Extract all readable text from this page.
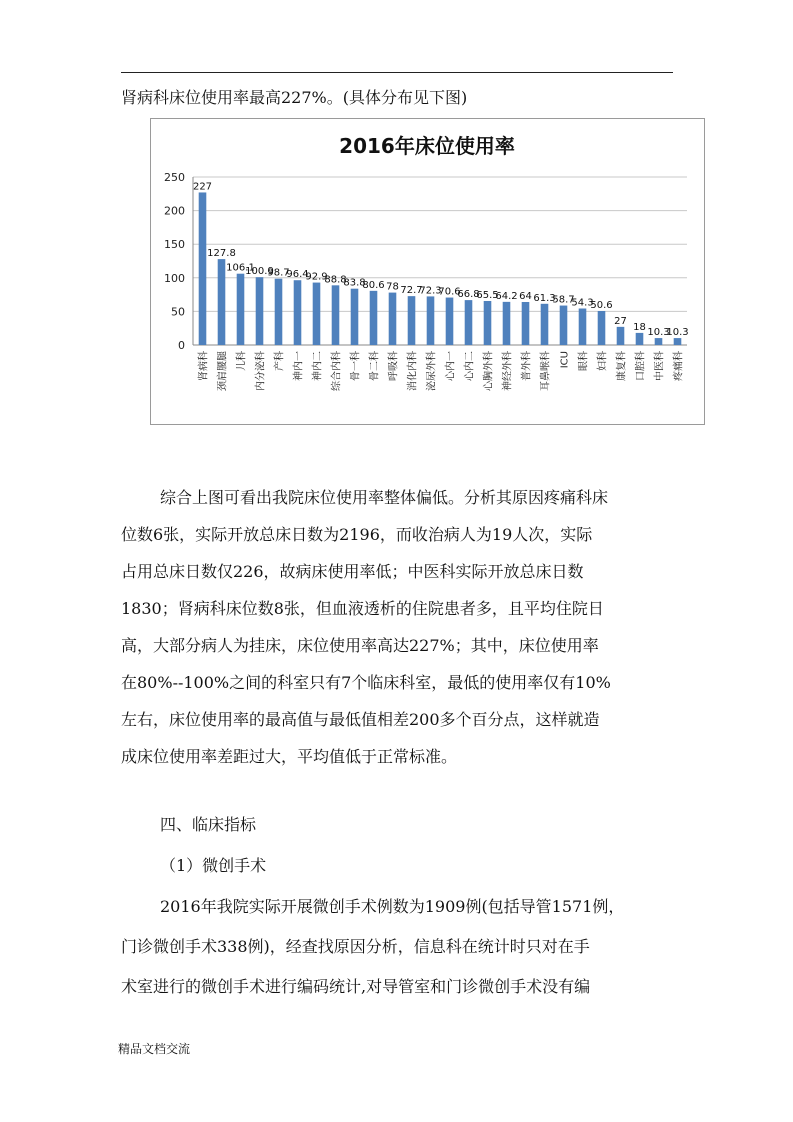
肾病科床位使用率最高227%。(具体分布见下图)
2016年床位使用率
0
50
100
150
200
250
227
肾病科
127.8
颈肩腰腿
106.1
儿科
100.9
内分泌科
98.7
产科
96.4
神内一
92.9
神内二
88.8
综合内科
83.8
骨一科
80.6
骨二科
78
呼吸科
72.7
消化内科
72.3
泌尿外科
70.6
心内一
66.8
心内二
65.5
心胸外科
64.2
神经外科
64
普外科
61.3
耳鼻喉科
58.7
ICU
54.3
眼科
50.6
妇科
27
康复科
18
口腔科
10.3
中医科
10.3
疼痛科
综合上图可看出我院床位使用率整体偏低。分析其原因疼痛科床
位数6张，实际开放总床日数为2196，而收治病人为19人次，实际
占用总床日数仅226，故病床使用率低；中医科实际开放总床日数
1830；肾病科床位数8张，但血液透析的住院患者多，且平均住院日
高，大部分病人为挂床，床位使用率高达227%；其中，床位使用率
在80%--100%之间的科室只有7个临床科室，最低的使用率仅有10%
左右，床位使用率的最高值与最低值相差200多个百分点，这样就造
成床位使用率差距过大，平均值低于正常标准。
四、临床指标
（1）微创手术
2016年我院实际开展微创手术例数为1909例(包括导管1571例，
门诊微创手术338例)，经查找原因分析，信息科在统计时只对在手
术室进行的微创手术进行编码统计,对导管室和门诊微创手术没有编
精品文档交流
